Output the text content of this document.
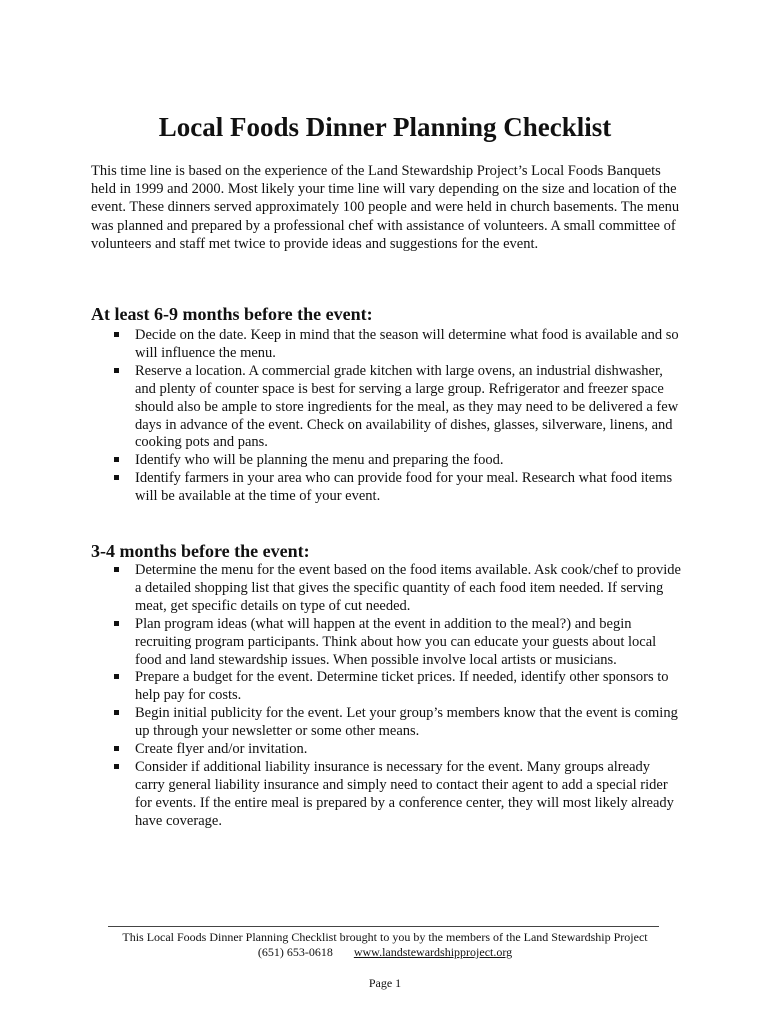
Local Foods Dinner Planning Checklist

This time line is based on the experience of the Land Stewardship Project’s Local Foods Banquets held in 1999 and 2000. Most likely your time line will vary depending on the size and location of the event. These dinners served approximately 100 people and were held in church basements. The menu was planned and prepared by a professional chef with assistance of volunteers. A small committee of volunteers and staff met twice to provide ideas and suggestions for the event.

At least 6-9 months before the event:
Decide on the date. Keep in mind that the season will determine what food is available and so will influence the menu.
Reserve a location. A commercial grade kitchen with large ovens, an industrial dishwasher, and plenty of counter space is best for serving a large group. Refrigerator and freezer space should also be ample to store ingredients for the meal, as they may need to be delivered a few days in advance of the event. Check on availability of dishes, glasses, silverware, linens, and cooking pots and pans.
Identify who will be planning the menu and preparing the food.
Identify farmers in your area who can provide food for your meal. Research what food items will be available at the time of your event.
3-4 months before the event:
Determine the menu for the event based on the food items available. Ask cook/chef to provide a detailed shopping list that gives the specific quantity of each food item needed. If serving meat, get specific details on type of cut needed.
Plan program ideas (what will happen at the event in addition to the meal?) and begin recruiting program participants. Think about how you can educate your guests about local food and land stewardship issues. When possible involve local artists or musicians.
Prepare a budget for the event. Determine ticket prices. If needed, identify other sponsors to help pay for costs.
Begin initial publicity for the event. Let your group’s members know that the event is coming up through your newsletter or some other means.
Create flyer and/or invitation.
Consider if additional liability insurance is necessary for the event. Many groups already carry general liability insurance and simply need to contact their agent to add a special rider for events. If the entire meal is prepared by a conference center, they will most likely already have coverage.

This Local Foods Dinner Planning Checklist brought to you by the members of the Land Stewardship Project

(651) 653-0618 www.landstewardshipproject.org

Page 1
